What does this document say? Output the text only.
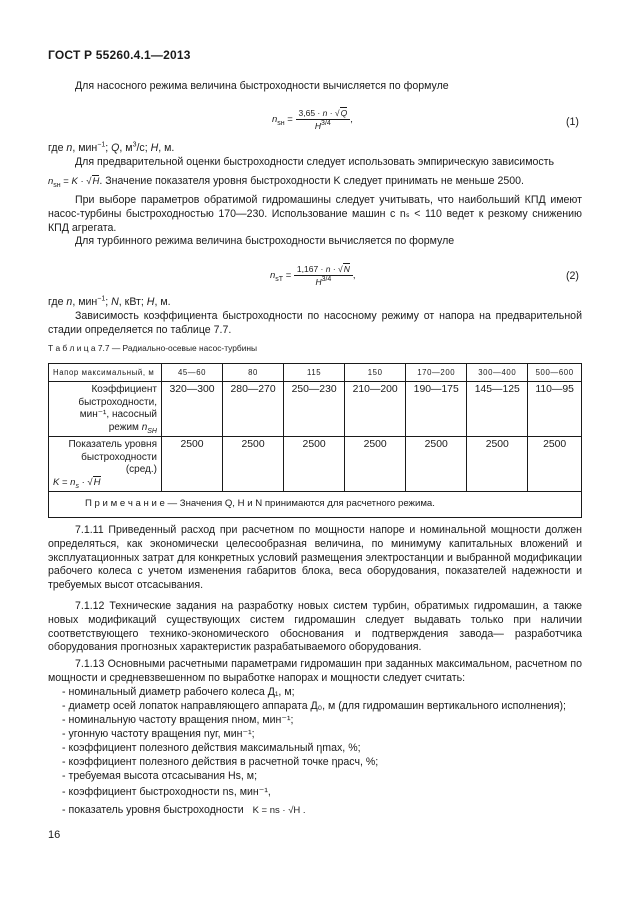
ГОСТ Р 55260.4.1—2013
Для насосного режима величина быстроходности вычисляется по формуле
$n_{sн} = \frac{3,65 \cdot n \cdot √Q}{H^{3/4}}$ ,	(1)
где n, мин$^{-1}$; Q, $м^3/с$; H, м.
Для предварительной оценки быстроходности следует использовать эмпирическую зависимость
$n_{sн} = K \cdot √H$. Значение показателя уровня быстроходности K следует принимать не меньше 2500.
При выборе параметров обратимой гидромашины следует учитывать, что наибольший КПД имеют насос-турбины быстроходностью 170—230. Использование машин с nₛ < 110 ведет к резкому снижению КПД агрегата.
Для турбинного режима величина быстроходности вычисляется по формуле
$n_{sT} = \frac{1,167 \cdot n \cdot √N}{H^{3/4}}$ ,	(2)
где n, мин$^{-1}$; N, кВт; H, м.
Зависимость коэффициента быстроходности по насосному режиму от напора на предварительной стадии определяется по таблице 7.7.
Т а б л и ц а 7.7 — Радиально-осевые насос-турбины
Напор максимальный, м	45—60	80	115	150	170—200	300—400	500—600
Коэффициент быстроходности, мин⁻¹, насосный режим $n_{SH}$	320—300	280—270	250—230	210—200	190—175	145—125	110—95
Показатель уровня быстроходности (сред.)

$K = n_s \cdot √H$	2500	2500	2500	2500	2500	2500	2500
П р и м е ч а н и е — Значения Q, H и N принимаются для расчетного режима.							
7.1.11 Приведенный расход при расчетном по мощности напоре и номинальной мощности должен определяться, как экономически целесообразная величина, по минимуму капитальных вложений и эксплуатационных затрат для конкретных условий размещения электростанции и выбранной модификации рабочего колеса с учетом изменения габаритов блока, веса оборудования, показателей надежности и требуемых высот отсасывания.
7.1.12 Технические задания на разработку новых систем турбин, обратимых гидромашин, а также новых модификаций существующих систем гидромашин следует выдавать только при наличии соответствующего технико-экономического обоснования и подтверждения завода— разработчика оборудования прогнозных характеристик разрабатываемого оборудования.
7.1.13 Основными расчетными параметрами гидромашин при заданных максимальном, расчетном по мощности и средневзвешенном по выработке напорах и мощности следует считать:
- номинальный диаметр рабочего колеса Д₁, м;
- диаметр осей лопаток направляющего аппарата Д₀, м (для гидромашин вертикального исполнения);
- номинальную частоту вращения nном, мин⁻¹;
- угонную частоту вращения nуг, мин⁻¹;
- коэффициент полезного действия максимальный ηmax, %;
- коэффициент полезного действия в расчетной точке ηрасч, %;
- требуемая высота отсасывания Hs, м;
- коэффициент быстроходности ns, мин⁻¹,
- показатель уровня быстроходности K = ns · √H .
16
